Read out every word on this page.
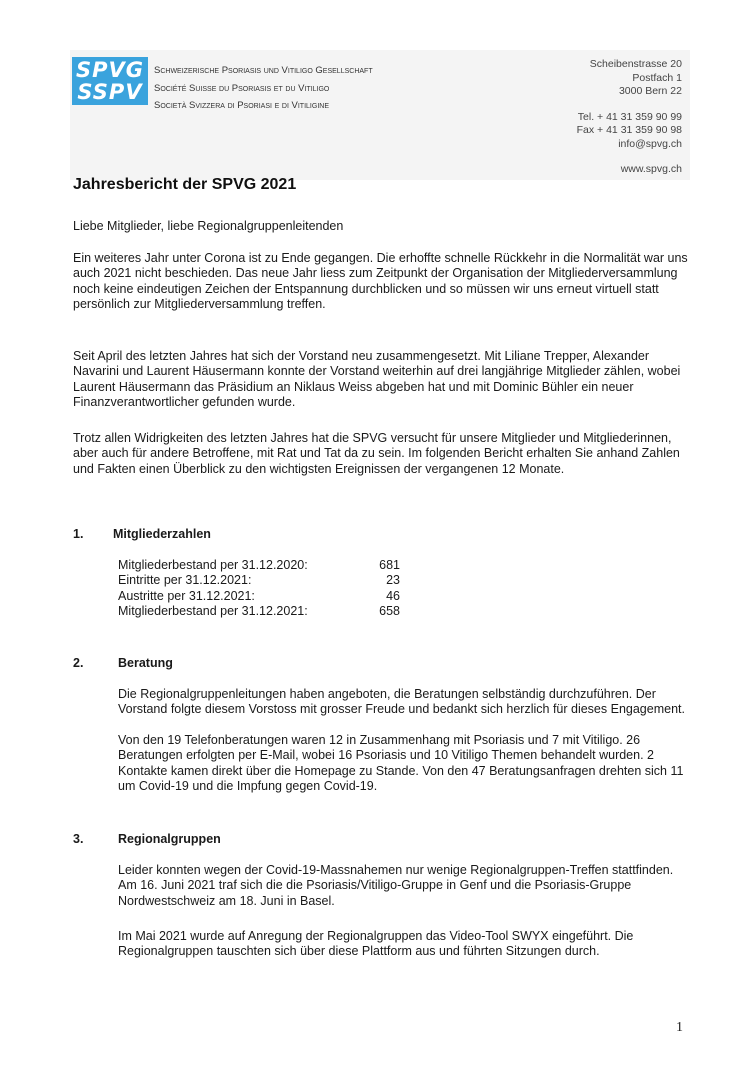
SPVG
SSPV
Schweizerische Psoriasis und Vitiligo Gesellschaft
Société Suisse du Psoriasis et du Vitiligo
Società Svizzera di Psoriasi e di Vitiligine
Scheibenstrasse 20
Postfach 1
3000 Bern 22
Tel. + 41 31 359 90 99
Fax + 41 31 359 90 98
info@spvg.ch
www.spvg.ch
Jahresbericht der SPVG 2021

Liebe Mitglieder, liebe Regionalgruppenleitenden

Ein weiteres Jahr unter Corona ist zu Ende gegangen. Die erhoffte schnelle Rückkehr in die Normalität war uns auch 2021 nicht beschieden. Das neue Jahr liess zum Zeitpunkt der Organisation der Mitgliederversammlung noch keine eindeutigen Zeichen der Entspannung durchblicken und so müssen wir uns erneut virtuell statt persönlich zur Mitgliederversammlung treffen.

Seit April des letzten Jahres hat sich der Vorstand neu zusammengesetzt. Mit Liliane Trepper, Alexander Navarini und Laurent Häusermann konnte der Vorstand weiterhin auf drei langjährige Mitglieder zählen, wobei Laurent Häusermann das Präsidium an Niklaus Weiss abgeben hat und mit Dominic Bühler ein neuer Finanzverantwortlicher gefunden wurde.

Trotz allen Widrigkeiten des letzten Jahres hat die SPVG versucht für unsere Mitglieder und Mitgliederinnen, aber auch für andere Betroffene, mit Rat und Tat da zu sein. Im folgenden Bericht erhalten Sie anhand Zahlen und Fakten einen Überblick zu den wichtigsten Ereignissen der vergangenen 12 Monate.

1. Mitgliederzahlen
Mitgliederbestand per 31.12.2020:	681
Eintritte per 31.12.2021:	23
Austritte per 31.12.2021:	46
Mitgliederbestand per 31.12.2021:	658
2.	Beratung

Die Regionalgruppenleitungen haben angeboten, die Beratungen selbständig durchzuführen. Der Vorstand folgte diesem Vorstoss mit grosser Freude und bedankt sich herzlich für dieses Engagement.

Von den 19 Telefonberatungen waren 12 in Zusammenhang mit Psoriasis und 7 mit Vitiligo. 26 Beratungen erfolgten per E-Mail, wobei 16 Psoriasis und 10 Vitiligo Themen behandelt wurden. 2 Kontakte kamen direkt über die Homepage zu Stande. Von den 47 Beratungsanfragen drehten sich 11 um Covid-19 und die Impfung gegen Covid-19.

3.	Regionalgruppen

Leider konnten wegen der Covid-19-Massnahemen nur wenige Regionalgruppen-Treffen stattfinden. Am 16. Juni 2021 traf sich die die Psoriasis/Vitiligo-Gruppe in Genf und die Psoriasis-Gruppe Nordwestschweiz am 18. Juni in Basel.

Im Mai 2021 wurde auf Anregung der Regionalgruppen das Video-Tool SWYX eingeführt. Die Regionalgruppen tauschten sich über diese Plattform aus und führten Sitzungen durch.

1
